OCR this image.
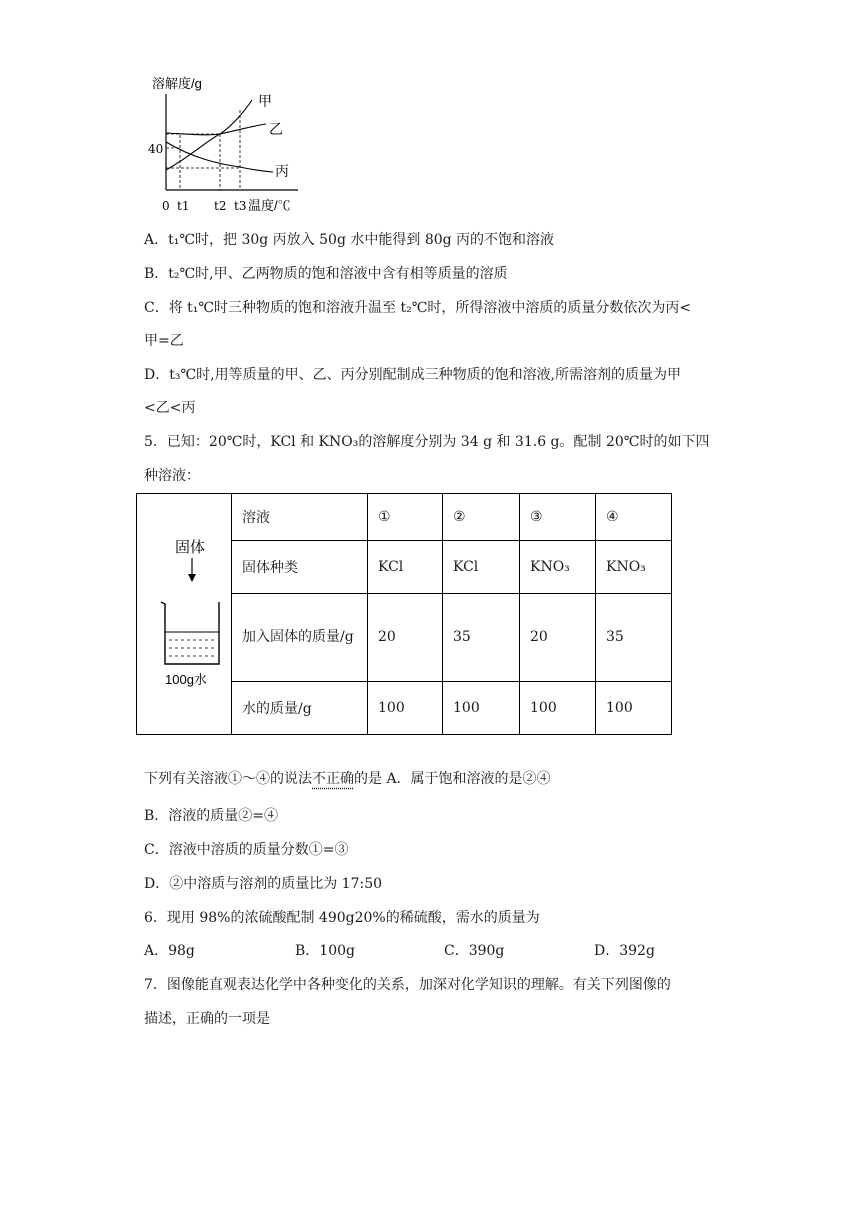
溶解度/g
甲
乙
丙
40
0 t1 t2 t3 温度/℃
A．t₁℃时，把 30g 丙放入 50g 水中能得到 80g 丙的不饱和溶液
B．t₂℃时,甲、乙两物质的饱和溶液中含有相等质量的溶质
C．将 t₁℃时三种物质的饱和溶液升温至 t₂℃时，所得溶液中溶质的质量分数依次为丙<
甲=乙
D．t₃℃时,用等质量的甲、乙、丙分别配制成三种物质的饱和溶液,所需溶剂的质量为甲
<乙<丙
5．已知：20℃时，KCl 和 KNO₃的溶解度分别为 34 g 和 31.6 g。配制 20℃时的如下四
种溶液：
固体
100g水	溶液	①	②	③	④
	固体种类	KCl	KCl	KNO₃	KNO₃
	加入固体的质量/g	20	35	20	35
	水的质量/g	100	100	100	100
下列有关溶液①～④的说法不正确的是 A．属于饱和溶液的是②④
B．溶液的质量②=④
C．溶液中溶质的质量分数①=③
D．②中溶质与溶剂的质量比为 17:50
6．现用 98%的浓硫酸配制 490g20%的稀硫酸，需水的质量为
A．98g	B．100g	C．390g	D．392g
7．图像能直观表达化学中各种变化的关系，加深对化学知识的理解。有关下列图像的
描述，正确的一项是
